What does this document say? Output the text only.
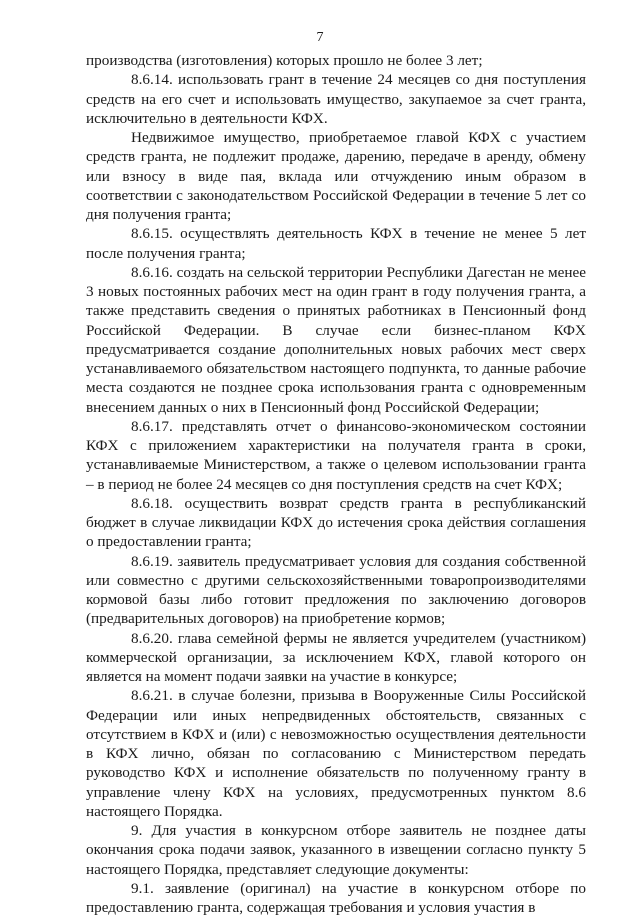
7

производства (изготовления) которых прошло не более 3 лет;

8.6.14. использовать грант в течение 24 месяцев со дня поступления средств на его счет и использовать имущество, закупаемое за счет гранта, исключительно в деятельности КФХ.

Недвижимое имущество, приобретаемое главой КФХ с участием средств гранта, не подлежит продаже, дарению, передаче в аренду, обмену или взносу в виде пая, вклада или отчуждению иным образом в соответствии с законодательством Российской Федерации в течение 5 лет со дня получения гранта;

8.6.15. осуществлять деятельность КФХ в течение не менее 5 лет после получения гранта;

8.6.16. создать на сельской территории Республики Дагестан не менее 3 новых постоянных рабочих мест на один грант в году получения гранта, а также представить сведения о принятых работниках в Пенсионный фонд Российской Федерации. В случае если бизнес-планом КФХ предусматривается создание дополнительных новых рабочих мест сверх устанавливаемого обязательством настоящего подпункта, то данные рабочие места создаются не позднее срока использования гранта с одновременным внесением данных о них в Пенсионный фонд Российской Федерации;

8.6.17. представлять отчет о финансово-экономическом состоянии КФХ с приложением характеристики на получателя гранта в сроки, устанавливаемые Министерством, а также о целевом использовании гранта – в период не более 24 месяцев со дня поступления средств на счет КФХ;

8.6.18. осуществить возврат средств гранта в республиканский бюджет в случае ликвидации КФХ до истечения срока действия соглашения о предоставлении гранта;

8.6.19. заявитель предусматривает условия для создания собственной или совместно с другими сельскохозяйственными товаропроизводителями кормовой базы либо готовит предложения по заключению договоров (предварительных договоров) на приобретение кормов;

8.6.20. глава семейной фермы не является учредителем (участником) коммерческой организации, за исключением КФХ, главой которого он является на момент подачи заявки на участие в конкурсе;

8.6.21. в случае болезни, призыва в Вооруженные Силы Российской Федерации или иных непредвиденных обстоятельств, связанных с отсутствием в КФХ и (или) с невозможностью осуществления деятельности в КФХ лично, обязан по согласованию с Министерством передать руководство КФХ и исполнение обязательств по полученному гранту в управление члену КФХ на условиях, предусмотренных пунктом 8.6 настоящего Порядка.

9. Для участия в конкурсном отборе заявитель не позднее даты окончания срока подачи заявок, указанного в извещении согласно пункту 5 настоящего Порядка, представляет следующие документы:

9.1. заявление (оригинал) на участие в конкурсном отборе по предоставлению гранта, содержащая требования и условия участия в
